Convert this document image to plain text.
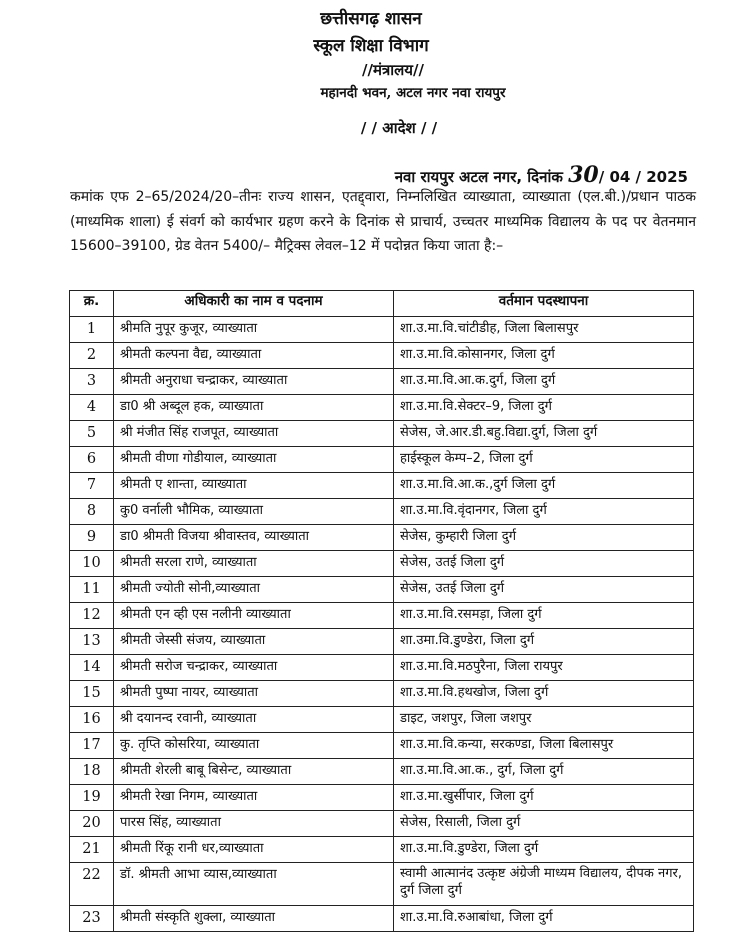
छत्तीसगढ़ शासन
स्कूल शिक्षा विभाग
//मंत्रालय//
महानदी भवन, अटल नगर नवा रायपुर
/ / आदेश / /
नवा रायपुर अटल नगर, दिनांक 30/ 04 / 2025

कमांक एफ 2–65/2024/20–तीनः राज्य शासन, एतद्द्वारा, निम्नलिखित व्याख्याता, व्याख्याता (एल.बी.)/प्रधान पाठक (माध्यमिक शाला) ई संवर्ग को कार्यभार ग्रहण करने के दिनांक से प्राचार्य, उच्चतर माध्यमिक विद्यालय के पद पर वेतनमान 15600–39100, ग्रेड वेतन 5400/– मैट्रिक्स लेवल–12 में पदोन्नत किया जाता है:–

क्र.	अधिकारी का नाम व पदनाम	वर्तमान पदस्थापना
1	श्रीमति नुपूर कुजूर, व्याख्याता	शा.उ.मा.वि.चांटीडीह, जिला बिलासपुर
2	श्रीमती कल्पना वैद्य, व्याख्याता	शा.उ.मा.वि.कोसानगर, जिला दुर्ग
3	श्रीमती अनुराधा चन्द्राकर, व्याख्याता	शा.उ.मा.वि.आ.क.दुर्ग, जिला दुर्ग
4	डा0 श्री अब्दूल हक, व्याख्याता	शा.उ.मा.वि.सेक्टर–9, जिला दुर्ग
5	श्री मंजीत सिंह राजपूत, व्याख्याता	सेजेस, जे.आर.डी.बहु.विद्या.दुर्ग, जिला दुर्ग
6	श्रीमती वीणा गोडीयाल, व्याख्याता	हाईस्कूल केम्प–2, जिला दुर्ग
7	श्रीमती ए शान्ता, व्याख्याता	शा.उ.मा.वि.आ.क.,दुर्ग जिला दुर्ग
8	कु0 वर्नाली भौमिक, व्याख्याता	शा.उ.मा.वि.वृंदानगर, जिला दुर्ग
9	डा0 श्रीमती विजया श्रीवास्तव, व्याख्याता	सेजेस, कुम्हारी जिला दुर्ग
10	श्रीमती सरला राणे, व्याख्याता	सेजेस, उतई जिला दुर्ग
11	श्रीमती ज्योती सोनी,व्याख्याता	सेजेस, उतई जिला दुर्ग
12	श्रीमती एन व्ही एस नलीनी व्याख्याता	शा.उ.मा.वि.रसमड़ा, जिला दुर्ग
13	श्रीमती जेस्सी संजय, व्याख्याता	शा.उमा.वि.डुण्डेरा, जिला दुर्ग
14	श्रीमती सरोज चन्द्राकर, व्याख्याता	शा.उ.मा.वि.मठपुरैना, जिला रायपुर
15	श्रीमती पुष्पा नायर, व्याख्याता	शा.उ.मा.वि.हथखोज, जिला दुर्ग
16	श्री दयानन्द रवानी, व्याख्याता	डाइट, जशपुर, जिला जशपुर
17	कु. तृप्ति कोसरिया, व्याख्याता	शा.उ.मा.वि.कन्या, सरकण्डा, जिला बिलासपुर
18	श्रीमती शेरली बाबू बिसेन्ट, व्याख्याता	शा.उ.मा.वि.आ.क., दुर्ग, जिला दुर्ग
19	श्रीमती रेखा निगम, व्याख्याता	शा.उ.मा.खुर्सीपार, जिला दुर्ग
20	पारस सिंह, व्याख्याता	सेजेस, रिसाली, जिला दुर्ग
21	श्रीमती रिंकू रानी धर,व्याख्याता	शा.उ.मा.वि.डुण्डेरा, जिला दुर्ग
22	डॉ. श्रीमती आभा व्यास,व्याख्याता	स्वामी आत्मानंद उत्कृष्ट अंग्रेजी माध्यम विद्यालय, दीपक नगर, दुर्ग जिला दुर्ग
23	श्रीमती संस्कृति शुक्ला, व्याख्याता	शा.उ.मा.वि.रुआबांधा, जिला दुर्ग
